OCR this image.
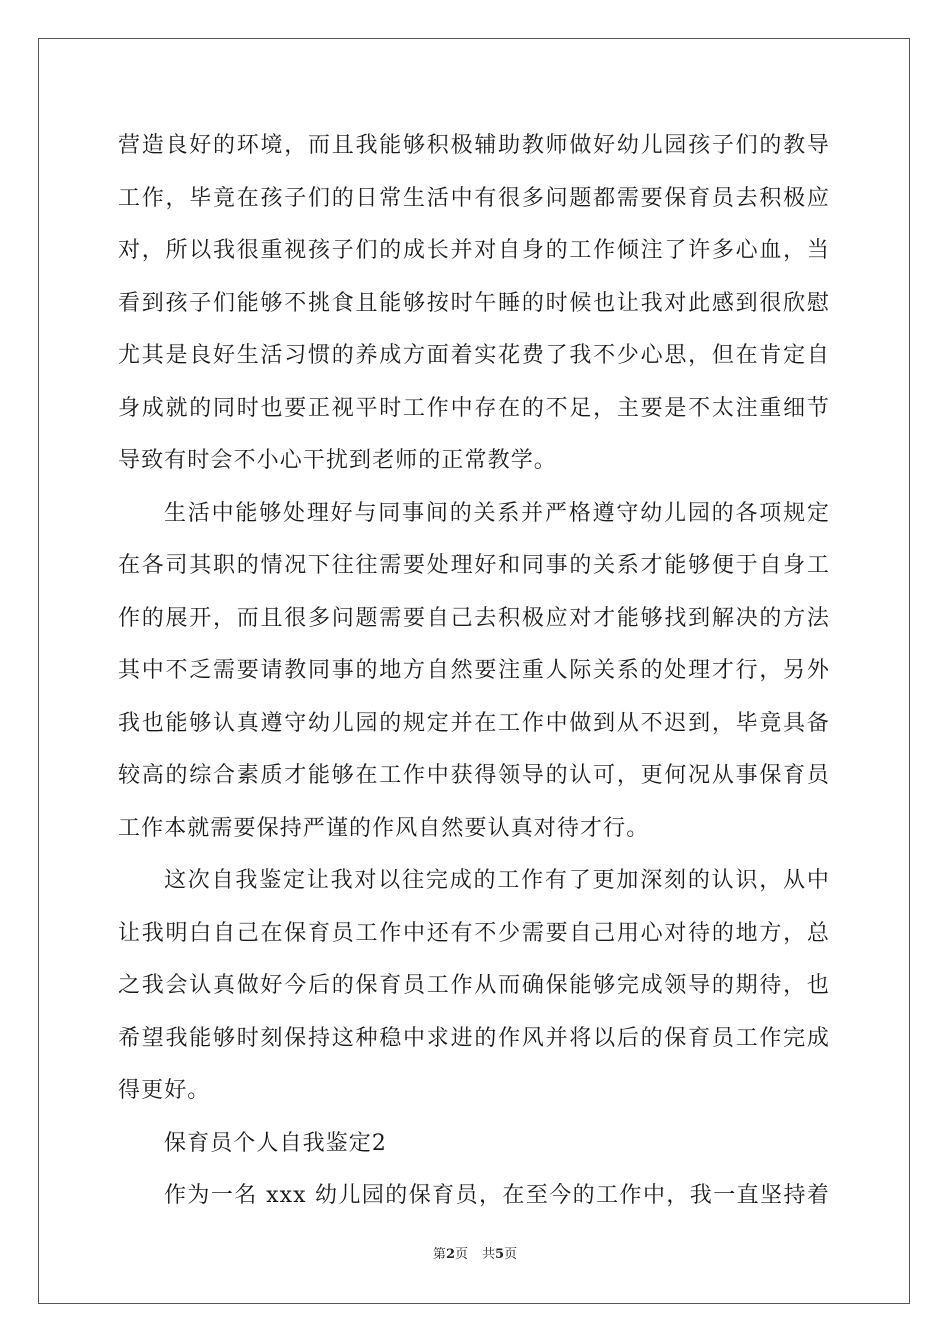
营造良好的环境，而且我能够积极辅助教师做好幼儿园孩子们的教导
工作，毕竟在孩子们的日常生活中有很多问题都需要保育员去积极应
对，所以我很重视孩子们的成长并对自身的工作倾注了许多心血，当
看到孩子们能够不挑食且能够按时午睡的时候也让我对此感到很欣慰
尤其是良好生活习惯的养成方面着实花费了我不少心思，但在肯定自
身成就的同时也要正视平时工作中存在的不足，主要是不太注重细节
导致有时会不小心干扰到老师的正常教学。
生活中能够处理好与同事间的关系并严格遵守幼儿园的各项规定
在各司其职的情况下往往需要处理好和同事的关系才能够便于自身工
作的展开，而且很多问题需要自己去积极应对才能够找到解决的方法
其中不乏需要请教同事的地方自然要注重人际关系的处理才行，另外
我也能够认真遵守幼儿园的规定并在工作中做到从不迟到，毕竟具备
较高的综合素质才能够在工作中获得领导的认可，更何况从事保育员
工作本就需要保持严谨的作风自然要认真对待才行。
这次自我鉴定让我对以往完成的工作有了更加深刻的认识，从中
让我明白自己在保育员工作中还有不少需要自己用心对待的地方，总
之我会认真做好今后的保育员工作从而确保能够完成领导的期待，也
希望我能够时刻保持这种稳中求进的作风并将以后的保育员工作完成
得更好。
保育员个人自我鉴定2
作为一名 xxx 幼儿园的保育员，在至今的工作中，我一直坚持着
第2页 共5页
